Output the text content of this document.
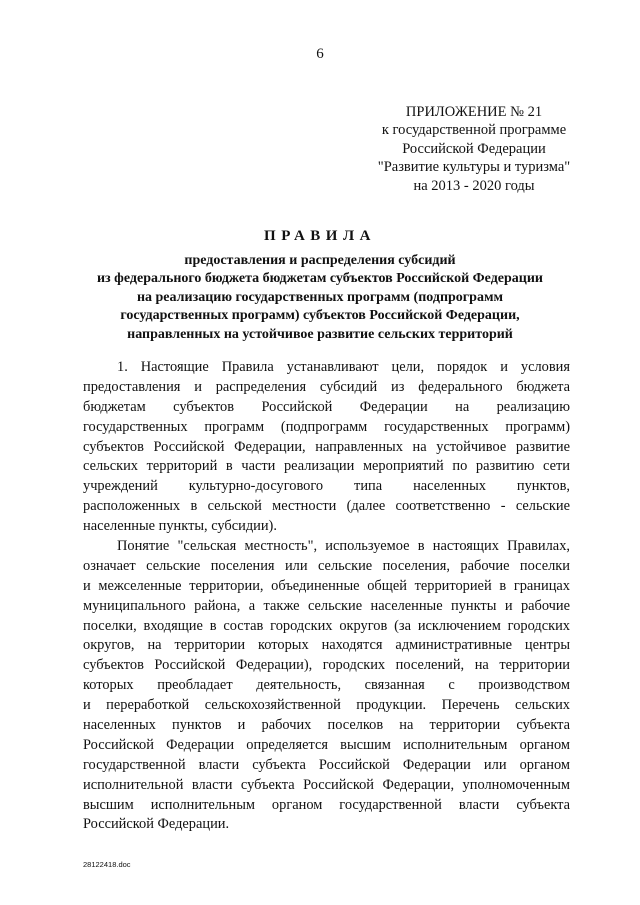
6
ПРИЛОЖЕНИЕ № 21
к государственной программе
Российской Федерации
"Развитие культуры и туризма"
на 2013 - 2020 годы
ПРАВИЛА
предоставления и распределения субсидий
из федерального бюджета бюджетам субъектов Российской Федерации
на реализацию государственных программ (подпрограмм
государственных программ) субъектов Российской Федерации,
направленных на устойчивое развитие сельских территорий
1. Настоящие Правила устанавливают цели, порядок и условия
предоставления и распределения субсидий из федерального бюджета
бюджетам субъектов Российской Федерации на реализацию
государственных программ (подпрограмм государственных программ)
субъектов Российской Федерации, направленных на устойчивое развитие
сельских территорий в части реализации мероприятий по развитию сети
учреждений культурно-досугового типа населенных пунктов,
расположенных в сельской местности (далее соответственно - сельские
населенные пункты, субсидии).
Понятие "сельская местность", используемое в настоящих Правилах,
означает сельские поселения или сельские поселения, рабочие поселки
и межселенные территории, объединенные общей территорией в границах
муниципального района, а также сельские населенные пункты и рабочие
поселки, входящие в состав городских округов (за исключением городских
округов, на территории которых находятся административные центры
субъектов Российской Федерации), городских поселений, на территории
которых преобладает деятельность, связанная с производством
и переработкой сельскохозяйственной продукции. Перечень сельских
населенных пунктов и рабочих поселков на территории субъекта
Российской Федерации определяется высшим исполнительным органом
государственной власти субъекта Российской Федерации или органом
исполнительной власти субъекта Российской Федерации, уполномоченным
высшим исполнительным органом государственной власти субъекта
Российской Федерации.
28122418.doc
